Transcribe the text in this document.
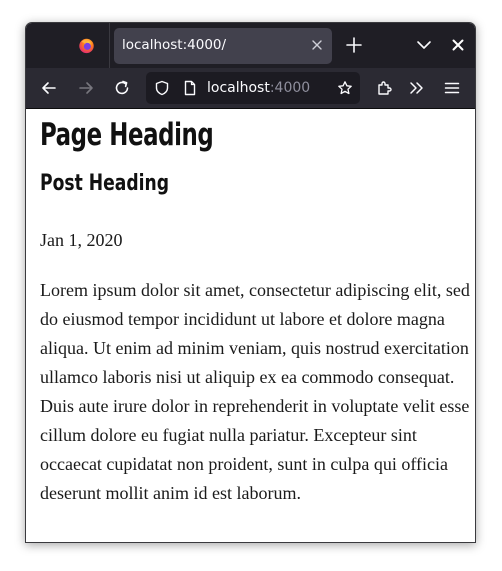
localhost:4000/
localhost:4000
Page Heading
Post Heading
Jan 1, 2020

Lorem ipsum dolor sit amet, consectetur adipiscing elit, sed do eiusmod tempor incididunt ut labore et dolore magna aliqua. Ut enim ad minim veniam, quis nostrud exercitation ullamco laboris nisi ut aliquip ex ea commodo consequat. Duis aute irure dolor in reprehenderit in voluptate velit esse cillum dolore eu fugiat nulla pariatur. Excepteur sint occaecat cupidatat non proident, sunt in culpa qui officia deserunt mollit anim id est laborum.
